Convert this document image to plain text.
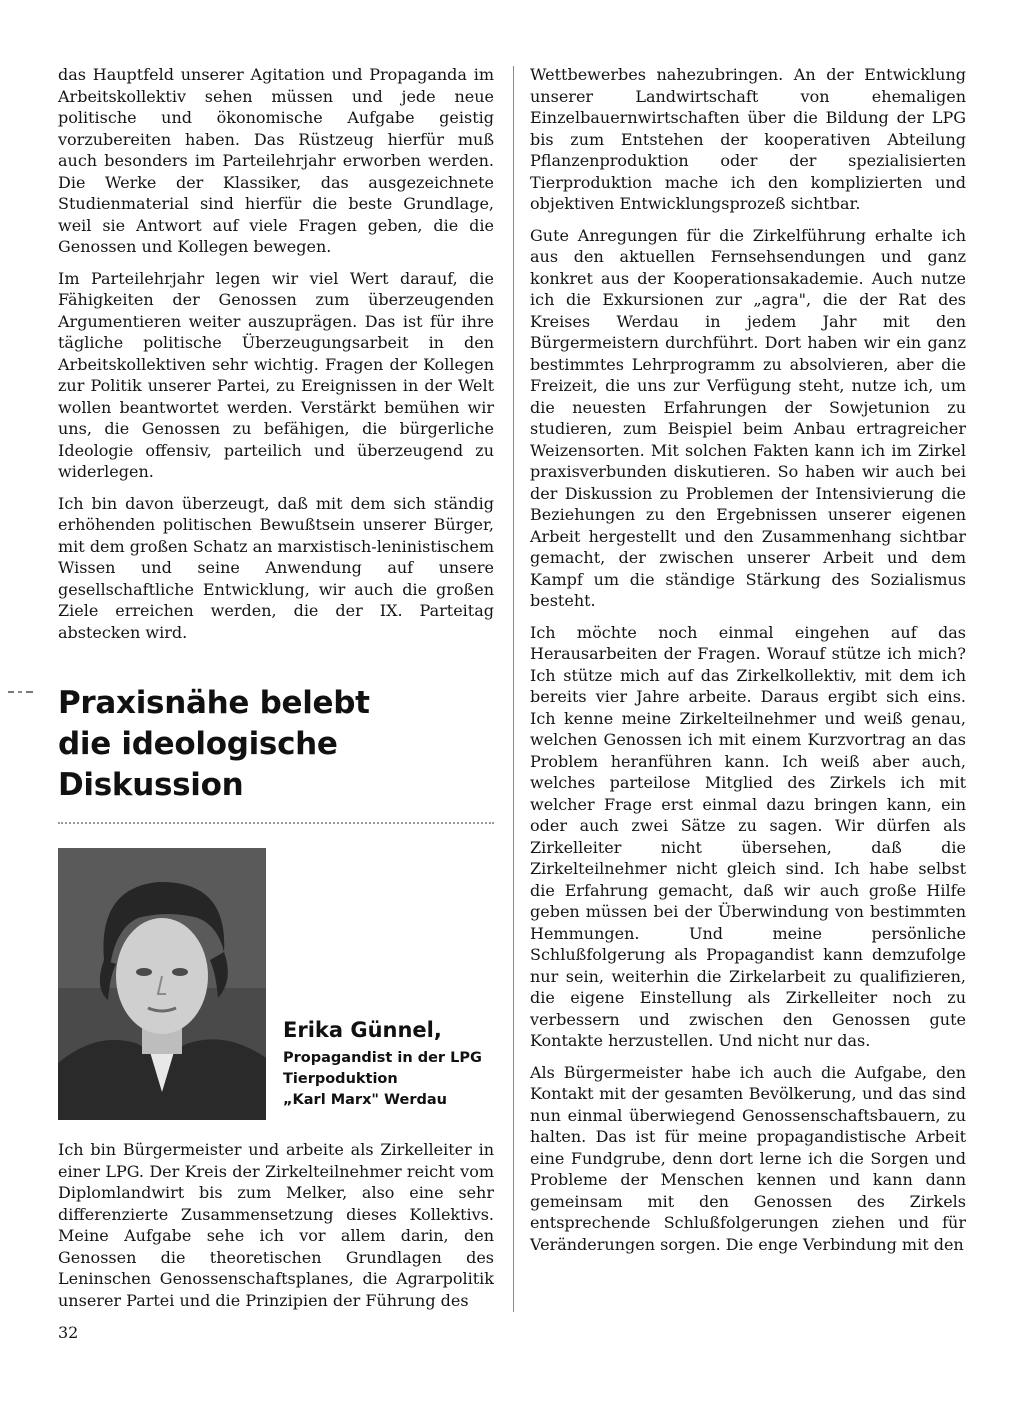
das Hauptfeld unserer Agitation und Propaganda im Arbeitskollektiv sehen müssen und jede neue politische und ökonomische Aufgabe geistig vorzubereiten haben. Das Rüstzeug hierfür muß auch besonders im Parteilehrjahr erworben werden. Die Werke der Klassiker, das ausgezeichnete Studienmaterial sind hierfür die beste Grundlage, weil sie Antwort auf viele Fragen geben, die die Genossen und Kollegen bewegen.

Im Parteilehrjahr legen wir viel Wert darauf, die Fähigkeiten der Genossen zum überzeugenden Argumentieren weiter auszuprägen. Das ist für ihre tägliche politische Überzeugungsarbeit in den Arbeitskollektiven sehr wichtig. Fragen der Kollegen zur Politik unserer Partei, zu Ereignissen in der Welt wollen beantwortet werden. Verstärkt bemühen wir uns, die Genossen zu befähigen, die bürgerliche Ideologie offensiv, parteilich und überzeugend zu widerlegen.

Ich bin davon überzeugt, daß mit dem sich ständig erhöhenden politischen Bewußtsein unserer Bürger, mit dem großen Schatz an marxistisch-leninistischem Wissen und seine Anwendung auf unsere gesellschaftliche Entwicklung, wir auch die großen Ziele erreichen werden, die der IX. Parteitag abstecken wird.

Praxisnähe belebt
die ideologische Diskussion
Erika Günnel,
Propagandist in der LPG
Tierpoduktion
„Karl Marx" Werdau

Ich bin Bürgermeister und arbeite als Zirkelleiter in einer LPG. Der Kreis der Zirkelteilnehmer reicht vom Diplomlandwirt bis zum Melker, also eine sehr differenzierte Zusammensetzung dieses Kollektivs. Meine Aufgabe sehe ich vor allem darin, den Genossen die theoretischen Grundlagen des Leninschen Genossenschaftsplanes, die Agrarpolitik unserer Partei und die Prinzipien der Führung des

Wettbewerbes nahezubringen. An der Entwicklung unserer Landwirtschaft von ehemaligen Einzelbauernwirtschaften über die Bildung der LPG bis zum Entstehen der kooperativen Abteilung Pflanzenproduktion oder der spezialisierten Tierproduktion mache ich den komplizierten und objektiven Entwicklungsprozeß sichtbar.

Gute Anregungen für die Zirkelführung erhalte ich aus den aktuellen Fernsehsendungen und ganz konkret aus der Kooperationsakademie. Auch nutze ich die Exkursionen zur „agra", die der Rat des Kreises Werdau in jedem Jahr mit den Bürgermeistern durchführt. Dort haben wir ein ganz bestimmtes Lehrprogramm zu absolvieren, aber die Freizeit, die uns zur Verfügung steht, nutze ich, um die neuesten Erfahrungen der Sowjetunion zu studieren, zum Beispiel beim Anbau ertragreicher Weizensorten. Mit solchen Fakten kann ich im Zirkel praxisverbunden diskutieren. So haben wir auch bei der Diskussion zu Problemen der Intensivierung die Beziehungen zu den Ergebnissen unserer eigenen Arbeit hergestellt und den Zusammenhang sichtbar gemacht, der zwischen unserer Arbeit und dem Kampf um die ständige Stärkung des Sozialismus besteht.

Ich möchte noch einmal eingehen auf das Herausarbeiten der Fragen. Worauf stütze ich mich? Ich stütze mich auf das Zirkelkollektiv, mit dem ich bereits vier Jahre arbeite. Daraus ergibt sich eins. Ich kenne meine Zirkelteilnehmer und weiß genau, welchen Genossen ich mit einem Kurzvortrag an das Problem heranführen kann. Ich weiß aber auch, welches parteilose Mitglied des Zirkels ich mit welcher Frage erst einmal dazu bringen kann, ein oder auch zwei Sätze zu sagen. Wir dürfen als Zirkelleiter nicht übersehen, daß die Zirkelteilnehmer nicht gleich sind. Ich habe selbst die Erfahrung gemacht, daß wir auch große Hilfe geben müssen bei der Überwindung von bestimmten Hemmungen. Und meine persönliche Schlußfolgerung als Propagandist kann demzufolge nur sein, weiterhin die Zirkelarbeit zu qualifizieren, die eigene Einstellung als Zirkelleiter noch zu verbessern und zwischen den Genossen gute Kontakte herzustellen. Und nicht nur das.

Als Bürgermeister habe ich auch die Aufgabe, den Kontakt mit der gesamten Bevölkerung, und das sind nun einmal überwiegend Genossenschaftsbauern, zu halten. Das ist für meine propagandistische Arbeit eine Fundgrube, denn dort lerne ich die Sorgen und Probleme der Menschen kennen und kann dann gemeinsam mit den Genossen des Zirkels entsprechende Schlußfolgerungen ziehen und für Veränderungen sorgen. Die enge Verbindung mit den

32
